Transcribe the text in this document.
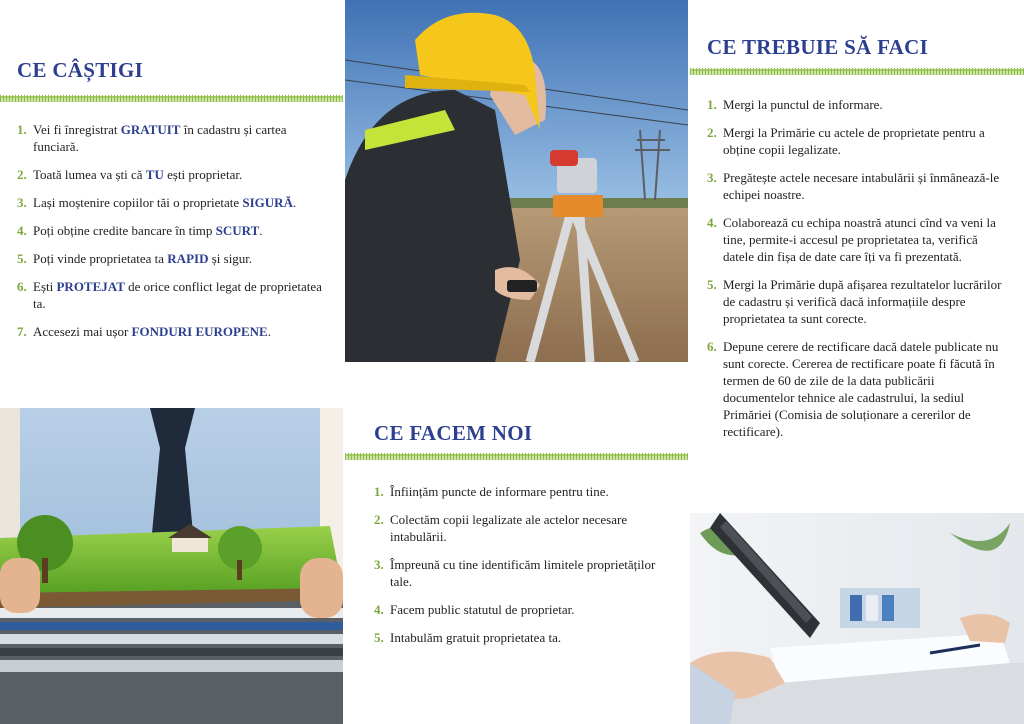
CE CÂȘTIGI
1. Vei fi înregistrat GRATUIT în cadastru și cartea funciară.
2. Toată lumea va ști că TU ești proprietar.
3. Lași moștenire copiilor tăi o proprietate SIGURĂ.
4. Poți obține credite bancare în timp SCURT.
5. Poți vinde proprietatea ta RAPID și sigur.
6. Ești PROTEJAT de orice conflict legat de proprietatea ta.
7. Accesezi mai ușor FONDURI EUROPENE.
CE FACEM NOI
1. Înființăm puncte de informare pentru tine.
2. Colectăm copii legalizate ale actelor necesare intabulării.
3. Împreună cu tine identificăm limitele proprietăților tale.
4. Facem public statutul de proprietar.
5. Intabulăm gratuit proprietatea ta.
CE TREBUIE SĂ FACI
1. Mergi la punctul de informare.
2. Mergi la Primărie cu actele de proprietate pentru a obține copii legalizate.
3. Pregătește actele necesare intabulării și înmânează-le echipei noastre.
4. Colaborează cu echipa noastră atunci cînd va veni la tine, permite-i accesul pe proprietatea ta, verifică datele din fișa de date care îți va fi prezentată.
5. Mergi la Primărie după afișarea rezultatelor lucrărilor de cadastru și verifică dacă informațiile despre proprietatea ta sunt corecte.
6. Depune cerere de rectificare dacă datele publicate nu sunt corecte. Cererea de rectificare poate fi făcută în termen de 60 de zile de la data publicării documentelor tehnice ale cadastrului, la sediul Primăriei (Comisia de soluționare a cererilor de rectificare).
